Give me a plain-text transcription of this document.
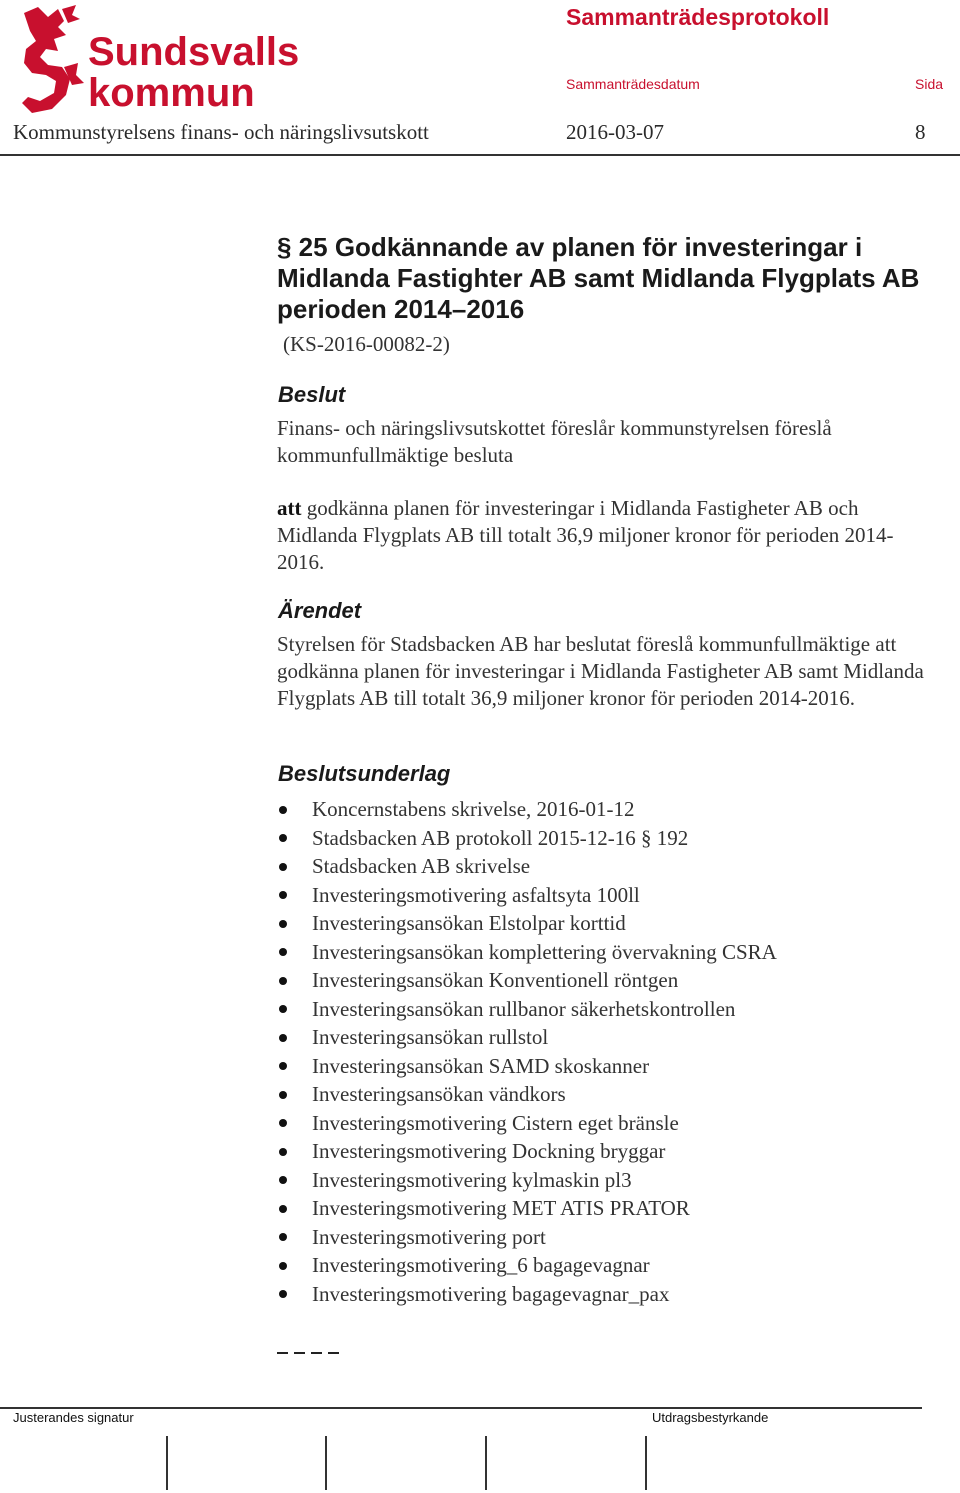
Sundsvalls
kommun
Sammanträdesprotokoll
Sammanträdesdatum	Sida
Kommunstyrelsens finans- och näringslivsutskott	2016-03-07	8
§ 25 Godkännande av planen för investeringar i Midlanda Fastighter AB samt Midlanda Flygplats AB perioden 2014–2016
(KS-2016-00082-2)
Beslut
Finans- och näringslivsutskottet föreslår kommunstyrelsen föreslå kommunfullmäktige besluta
att godkänna planen för investeringar i Midlanda Fastigheter AB och Midlanda Flygplats AB till totalt 36,9 miljoner kronor för perioden 2014-2016.
Ärendet
Styrelsen för Stadsbacken AB har beslutat föreslå kommunfullmäktige att godkänna planen för investeringar i Midlanda Fastigheter AB samt Midlanda Flygplats AB till totalt 36,9 miljoner kronor för perioden 2014-2016.
Beslutsunderlag
Koncernstabens skrivelse, 2016-01-12
Stadsbacken AB protokoll 2015-12-16 § 192
Stadsbacken AB skrivelse
Investeringsmotivering asfaltsyta 100ll
Investeringsansökan Elstolpar korttid
Investeringsansökan komplettering övervakning CSRA
Investeringsansökan Konventionell röntgen
Investeringsansökan rullbanor säkerhetskontrollen
Investeringsansökan rullstol
Investeringsansökan SAMD skoskanner
Investeringsansökan vändkors
Investeringsmotivering Cistern eget bränsle
Investeringsmotivering Dockning bryggar
Investeringsmotivering kylmaskin pl3
Investeringsmotivering MET ATIS PRATOR
Investeringsmotivering port
Investeringsmotivering_6 bagagevagnar
Investeringsmotivering bagagevagnar_pax
Justerandes signatur	Utdragsbestyrkande
